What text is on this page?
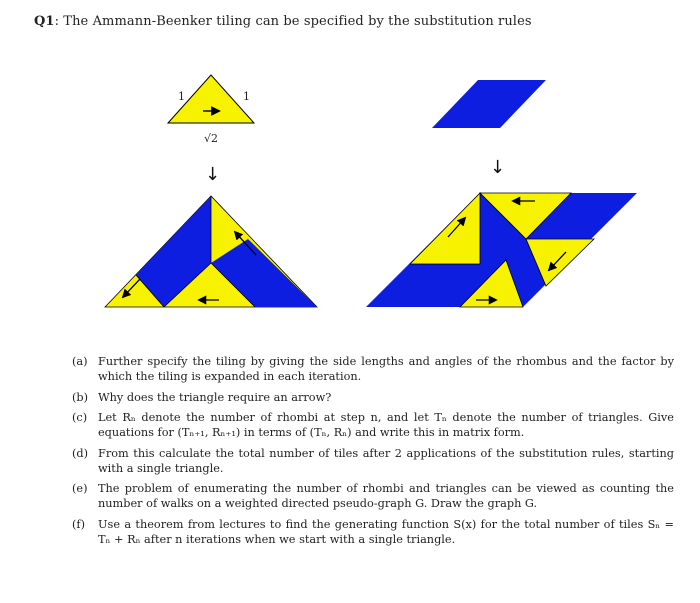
Q1: The Ammann-Beenker tiling can be specified by the substitution rules
1	1
√2
↓	↓
(a) Further specify the tiling by giving the side lengths and angles of the rhombus and the factor by which the tiling is expanded in each iteration.
(b) Why does the triangle require an arrow?
(c) Let Rₙ denote the number of rhombi at step n, and let Tₙ denote the number of triangles. Give equations for (Tₙ₊₁, Rₙ₊₁) in terms of (Tₙ, Rₙ) and write this in matrix form.
(d) From this calculate the total number of tiles after 2 applications of the substitution rules, starting with a single triangle.
(e) The problem of enumerating the number of rhombi and triangles can be viewed as counting the number of walks on a weighted directed pseudo-graph G. Draw the graph G.
(f)	Use a theorem from lectures to find the generating function S(x) for the total number of tiles Sₙ = Tₙ + Rₙ after n iterations when we start with a single triangle.
